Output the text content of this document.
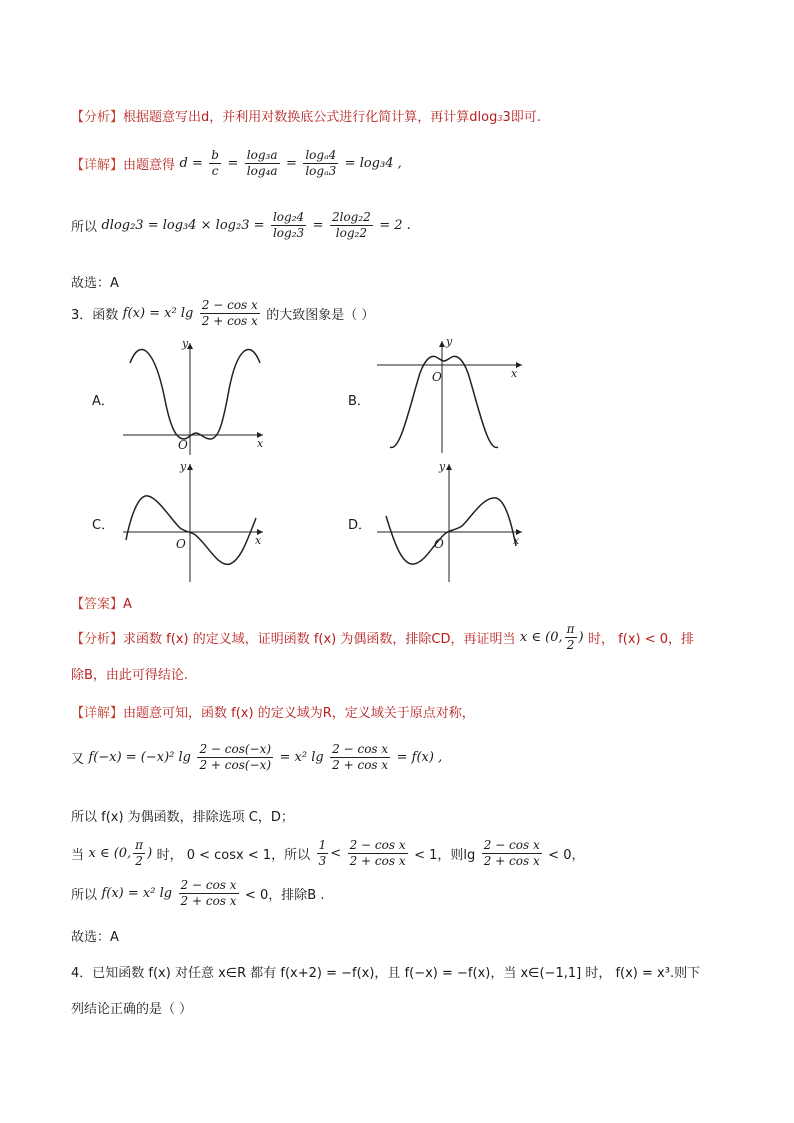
【分析】根据题意写出d，并利用对数换底公式进行化简计算，再计算dlog33即可.
【详解】由题意得 $d = \frac{b}{c} = \frac{\text{log₃a}}{\text{log₄a}} = \frac{\text{logₐ4}}{\text{logₐ3}} = \log_34$ ,
所以 $dlog_23 = \log_34 \times \log_23 = \frac{\text{log₂4}}{\text{log₂3}} = \frac{\text{2log₂2}}{\text{log₂2}} = 2$ .
故选：A
3．函数 f(x) = x² $\lg \frac{\text{2 − cos x}}{\text{2 + cos x}}$ 的大致图象是（ ）
A．
x
y
O
B．
x
y
O
C．
x
y
O
D．
x
y
O
【答案】A
【分析】求函数 f(x) 的定义域，证明函数 f(x) 为偶函数，排除CD，再证明当 x ∈ (0, $\frac{\pi}{2}$ ) 时， f(x) < 0，排
除B，由此可得结论.
【详解】由题意可知，函数 f(x) 的定义域为R，定义域关于原点对称，
又 f(−x) = (−x)² $\lg \frac{2 - \cos(-x)}{2 + \cos(-x)} = x^2$ $\lg \frac{\text{2 − cos x}}{\text{2 + cos x}} = f(x)$ ,
所以 f(x) 为偶函数，排除选项 C，D；
当 x ∈ (0, $\frac{\pi}{2}$ ) 时， 0 < cosx < 1，所以 $\frac{1}{3} < \frac{\text{2 − cos x}}{\text{2 + cos x}} < 1$，则$\lg \frac{\text{2 − cos x}}{\text{2 + cos x}} < 0$，
所以 f(x) = x² $\lg \frac{\text{2 − cos x}}{\text{2 + cos x}} < 0$，排除B .
故选：A
4．已知函数 f(x) 对任意 x∈R 都有 f(x+2) = −f(x)，且 f(−x) = −f(x)，当 x∈(−1,1] 时， f(x) = x³.则下
列结论正确的是（ ）
